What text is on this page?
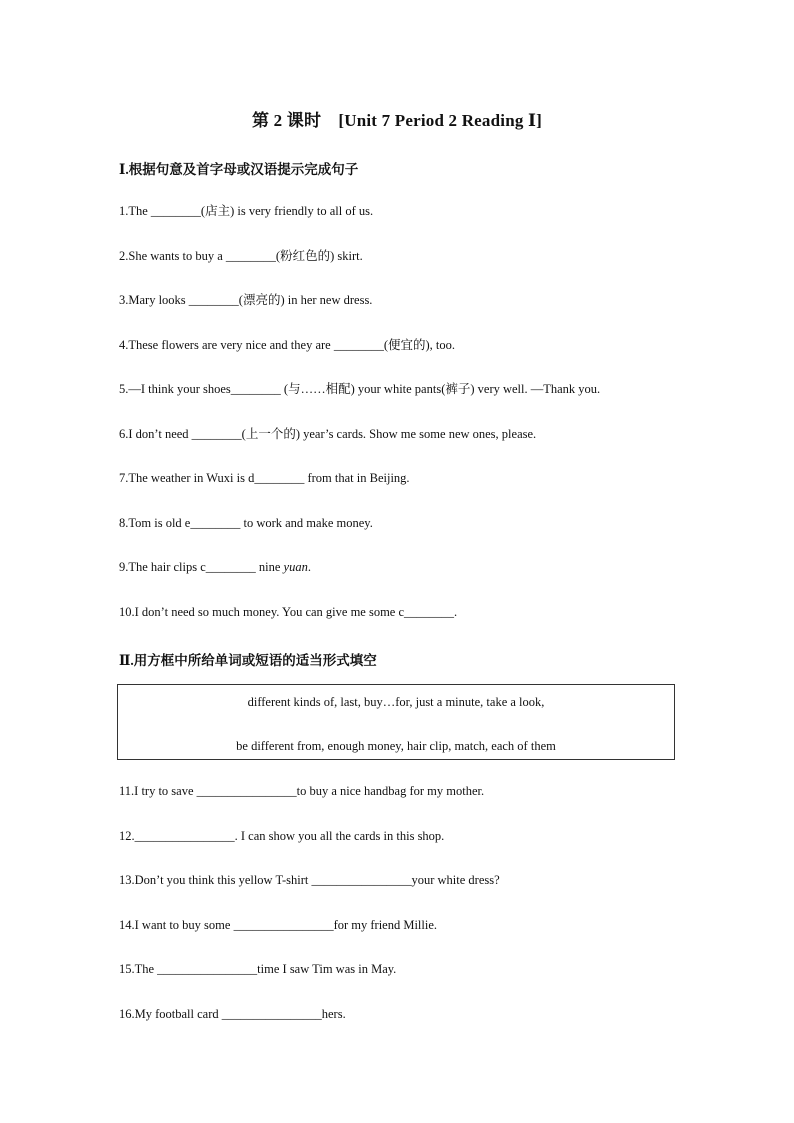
第 2 课时　[Unit 7 Period 2 Reading Ⅰ]

Ⅰ.根据句意及首字母或汉语提示完成句子

1.The ________(店主) is very friendly to all of us.

2.She wants to buy a ________(粉红色的) skirt.

3.Mary looks ________(漂亮的) in her new dress.

4.These flowers are very nice and they are ________(便宜的), too.

5.—I think your shoes________ (与……相配) your white pants(裤子) very well. —Thank you.

6.I don’t need ________(上一个的) year’s cards. Show me some new ones, please.

7.The weather in Wuxi is d________ from that in Beijing.

8.Tom is old e________ to work and make money.

9.The hair clips c________ nine yuan.

10.I don’t need so much money. You can give me some c________.

Ⅱ.用方框中所给单词或短语的适当形式填空

different kinds of, last, buy…for, just a minute, take a look,
be different from, enough money, hair clip, match, each of them

11.I try to save ________________to buy a nice handbag for my mother.

12.________________. I can show you all the cards in this shop.

13.Don’t you think this yellow T-shirt ________________your white dress?

14.I want to buy some ________________for my friend Millie.

15.The ________________time I saw Tim was in May.

16.My football card ________________hers.
